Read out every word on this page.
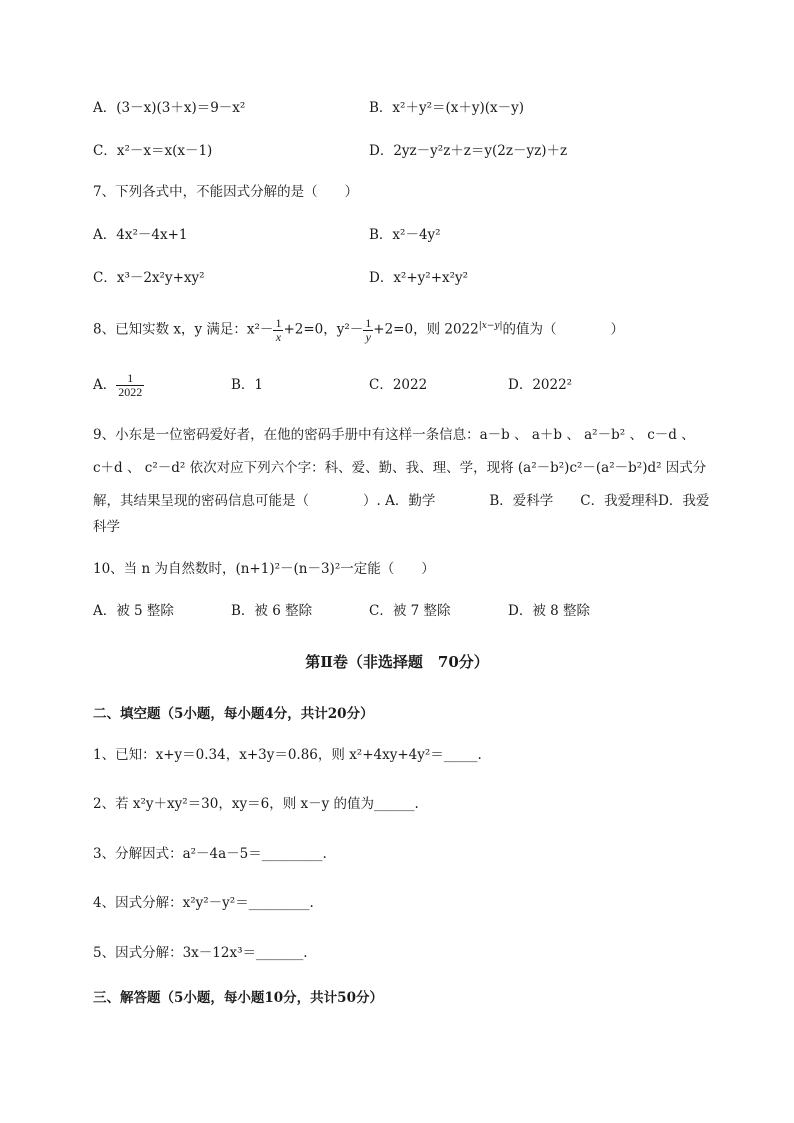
A．(3－x)(3＋x)＝9－x²	B．x²＋y²＝(x＋y)(x－y)
C．x²－x＝x(x－1)	D．2yz－y²z＋z＝y(2z－yz)＋z
7、下列各式中，不能因式分解的是（　　）
A．4x²－4x+1	B．x²－4y²
C．x³－2x²y+xy²	D．x²+y²+x²y²
8、已知实数 x，y 满足：$x^2- \frac{1}{x} +2=0$，$y^2- \frac{1}{y} +2=0$，则 $2022^{|x-y|}$的值为（　　　　）
A． $\frac{1}{2022}$	B．1	C．2022	D．2022²
9、小东是一位密码爱好者，在他的密码手册中有这样一条信息：a－b 、 a＋b 、 a²－b² 、 c－d 、
c＋d 、 c²－d² 依次对应下列六个字：科、爱、勤、我、理、学，现将 (a²－b²)c²－(a²－b²)d² 因式分
解，其结果呈现的密码信息可能是（　　　　）. A．勤学　　　　B．爱科学　　C．我爱理科D．我爱
科学
10、当 n 为自然数时，(n+1)²－(n－3)²一定能（　　）
A．被 5 整除	B．被 6 整除	C．被 7 整除	D．被 8 整除
第Ⅱ卷（非选择题　70分）
二、填空题（5小题，每小题4分，共计20分）
1、已知：x+y＝0.34，x+3y＝0.86，则 x²+4xy+4y²＝_____.
2、若 x²y＋xy²＝30，xy＝6，则 x－y 的值为______.
3、分解因式：a²－4a－5＝_________.
4、因式分解：x²y²－y²＝_________.
5、因式分解：3x－12x³＝_______.
三、解答题（5小题，每小题10分，共计50分）
